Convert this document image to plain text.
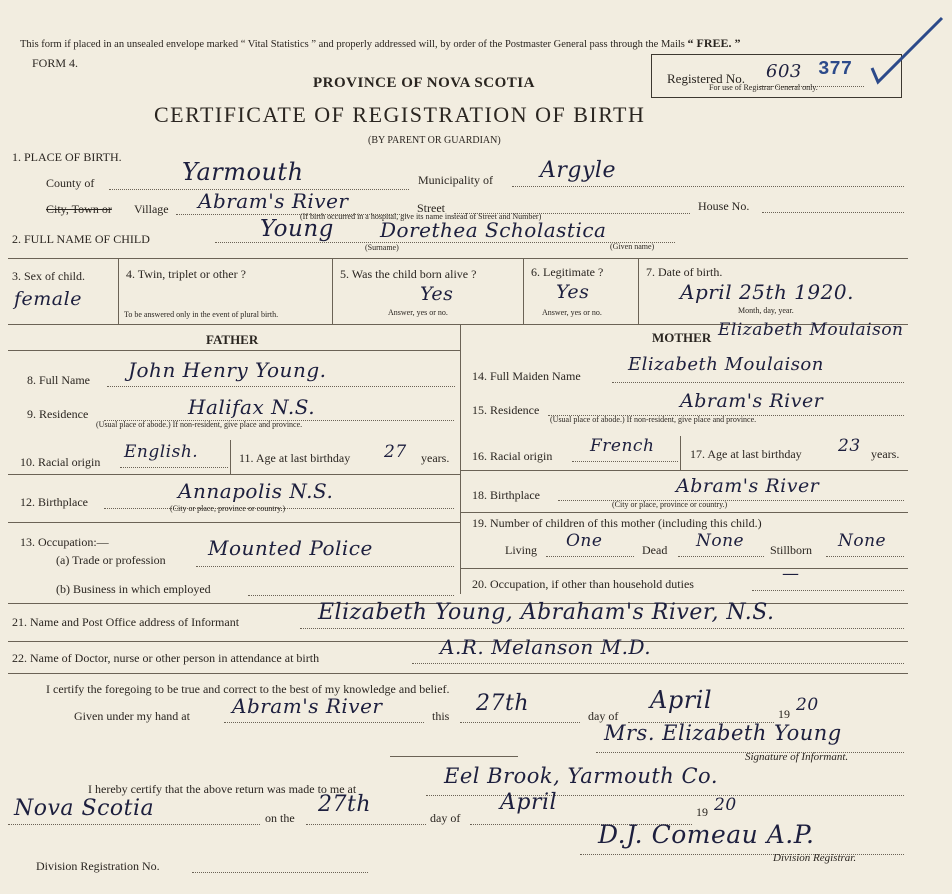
This form if placed in an unsealed envelope marked “ Vital Statistics ” and properly addressed will, by order of the Postmaster General pass through the Mails “ FREE. ”
FORM 4.
PROVINCE OF NOVA SCOTIA
CERTIFICATE OF REGISTRATION OF BIRTH
(BY PARENT OR GUARDIAN)
Registered No. 603 377
For use of Registrar General only.
1. PLACE OF BIRTH.
County of	Yarmouth	Municipality of Argyle
City, Town or Village Abram's River	Street	House No.
(If birth occurred in a hospital, give its name instead of Street and Number)
2. FULL NAME OF CHILD	Young Dorethea Scholastica
(Surname)	(Given name)
3. Sex of child.
female
4. Twin, triplet or other ?
To be answered only in the event of plural birth.
5. Was the child born alive ?
Yes
Answer, yes or no.
6. Legitimate ?
Yes
Answer, yes or no.
7. Date of birth.
April 25th 1920.
Month, day, year.
FATHER	MOTHER Elizabeth Moulaison
8. Full Name John Henry Young.
9. Residence	Halifax N.S.
(Usual place of abode.) If non-resident, give place and province.
10. Racial origin English.	11. Age at last birthday 27 years.
12. Birthplace	Annapolis N.S.
(City or place, province or country.)
13. Occupation:—
(a) Trade or profession Mounted Police
(b) Business in which employed
14. Full Maiden Name
Elizabeth Moulaison
15. Residence	Abram's River
(Usual place of abode.) If non-resident, give place and province.
16. Racial origin French	17. Age at last birthday 23 years.
18. Birthplace	Abram's River
(City or place, province or country.)
19. Number of children of this mother (including this child.)
Living One	Dead None Stillborn None
20. Occupation, if other than household duties	—
21. Name and Post Office address of Informant	Elizabeth Young, Abraham's River, N.S.
22. Name of Doctor, nurse or other person in attendance at birth	A.R. Melanson M.D.
I certify the foregoing to be true and correct to the best of my knowledge and belief.
Given under my hand at Abram's River	this 27th	day of
April	19 20
Mrs. Elizabeth Young
Signature of Informant.
I hereby certify that the above return was made to me at
Eel Brook, Yarmouth Co.
Nova Scotia	on the
27th
day of
April	19 20
D.J. Comeau A.P.
Division Registrar.
Division Registration No.
